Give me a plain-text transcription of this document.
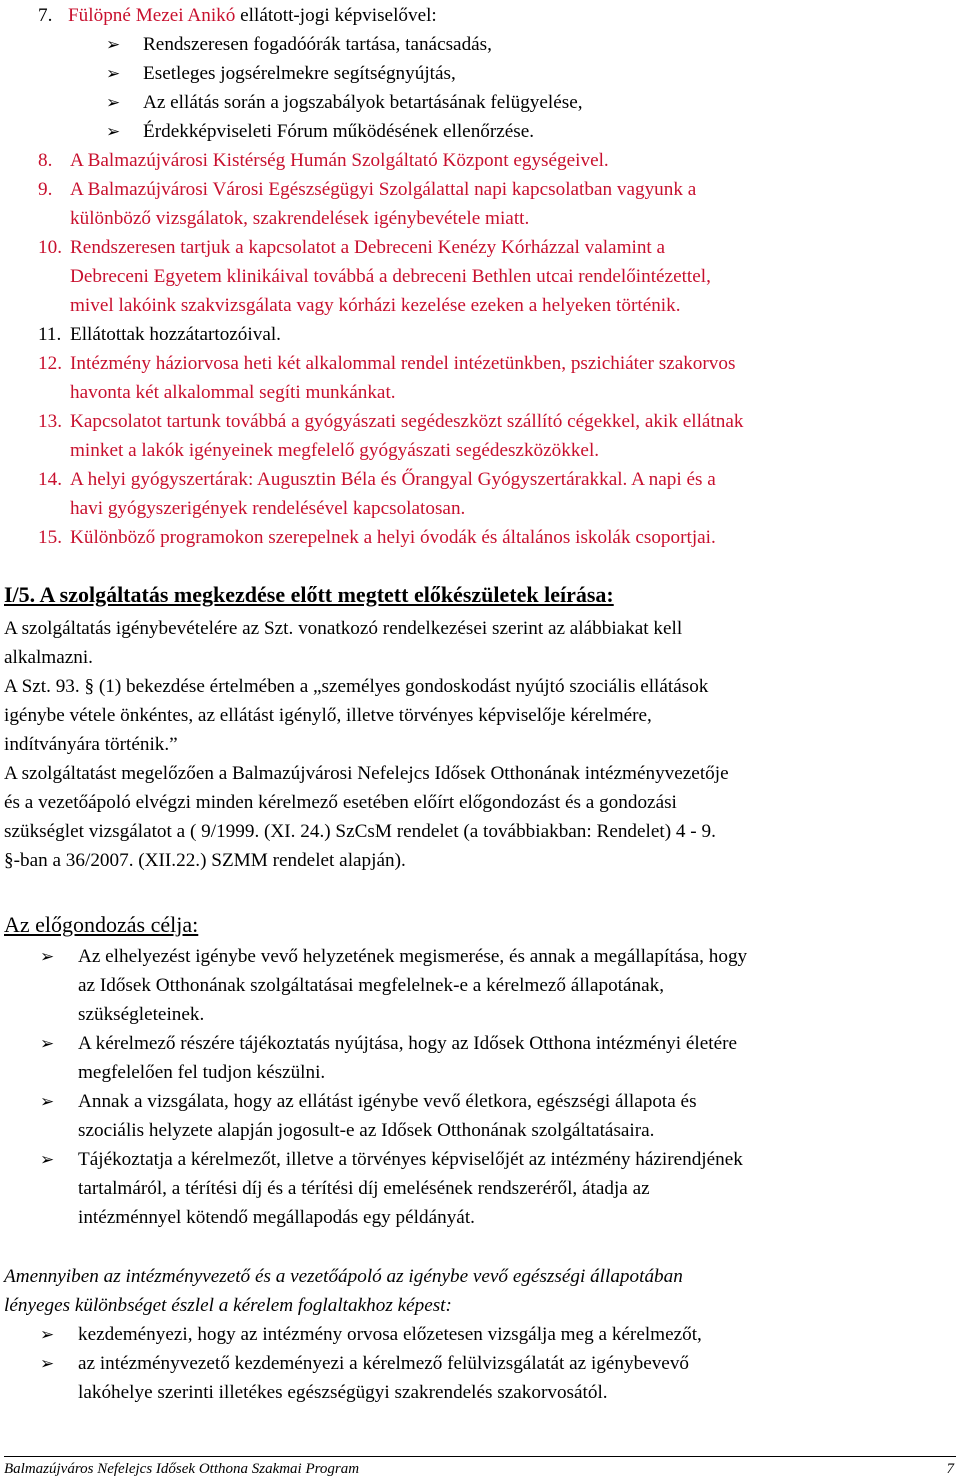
7. Fülöpné Mezei Anikó ellátott-jogi képviselővel:
➢ Rendszeresen fogadóórák tartása, tanácsadás,
➢ Esetleges jogsérelmekre segítségnyújtás,
➢ Az ellátás során a jogszabályok betartásának felügyelése,
➢ Érdekképviseleti Fórum működésének ellenőrzése.
8. A Balmazújvárosi Kistérség Humán Szolgáltató Központ egységeivel.
9. A Balmazújvárosi Városi Egészségügyi Szolgálattal napi kapcsolatban vagyunk a
különböző vizsgálatok, szakrendelések igénybevétele miatt.
10. Rendszeresen tartjuk a kapcsolatot a Debreceni Kenézy Kórházzal valamint a
Debreceni Egyetem klinikáival továbbá a debreceni Bethlen utcai rendelőintézettel,
mivel lakóink szakvizsgálata vagy kórházi kezelése ezeken a helyeken történik.
11. Ellátottak hozzátartozóival.
12. Intézmény háziorvosa heti két alkalommal rendel intézetünkben, pszichiáter szakorvos
havonta két alkalommal segíti munkánkat.
13. Kapcsolatot tartunk továbbá a gyógyászati segédeszközt szállító cégekkel, akik ellátnak
minket a lakók igényeinek megfelelő gyógyászati segédeszközökkel.
14. A helyi gyógyszertárak: Augusztin Béla és Őrangyal Gyógyszertárakkal. A napi és a
havi gyógyszerigények rendelésével kapcsolatosan.
15. Különböző programokon szerepelnek a helyi óvodák és általános iskolák csoportjai.
I/5. A szolgáltatás megkezdése előtt megtett előkészületek leírása:
A szolgáltatás igénybevételére az Szt. vonatkozó rendelkezései szerint az alábbiakat kell
alkalmazni.
A Szt. 93. § (1) bekezdése értelmében a „személyes gondoskodást nyújtó szociális ellátások
igénybe vétele önkéntes, az ellátást igénylő, illetve törvényes képviselője kérelmére,
indítványára történik.”
A szolgáltatást megelőzően a Balmazújvárosi Nefelejcs Idősek Otthonának intézményvezetője
és a vezetőápoló elvégzi minden kérelmező esetében előírt előgondozást és a gondozási
szükséglet vizsgálatot a ( 9/1999. (XI. 24.) SzCsM rendelet (a továbbiakban: Rendelet) 4 - 9.
§-ban a 36/2007. (XII.22.) SZMM rendelet alapján).
Az előgondozás célja:
➢ Az elhelyezést igénybe vevő helyzetének megismerése, és annak a megállapítása, hogy
az Idősek Otthonának szolgáltatásai megfelelnek-e a kérelmező állapotának,
szükségleteinek.
➢ A kérelmező részére tájékoztatás nyújtása, hogy az Idősek Otthona intézményi életére
megfelelően fel tudjon készülni.
➢ Annak a vizsgálata, hogy az ellátást igénybe vevő életkora, egészségi állapota és
szociális helyzete alapján jogosult-e az Idősek Otthonának szolgáltatásaira.
➢ Tájékoztatja a kérelmezőt, illetve a törvényes képviselőjét az intézmény házirendjének
tartalmáról, a térítési díj és a térítési díj emelésének rendszeréről, átadja az
intézménnyel kötendő megállapodás egy példányát.
Amennyiben az intézményvezető és a vezetőápoló az igénybe vevő egészségi állapotában
lényeges különbséget észlel a kérelem foglaltakhoz képest:
➢ kezdeményezi, hogy az intézmény orvosa előzetesen vizsgálja meg a kérelmezőt,
➢ az intézményvezető kezdeményezi a kérelmező felülvizsgálatát az igénybevevő
lakóhelye szerinti illetékes egészségügyi szakrendelés szakorvosától.
Balmazújváros Nefelejcs Idősek Otthona Szakmai Program	7
